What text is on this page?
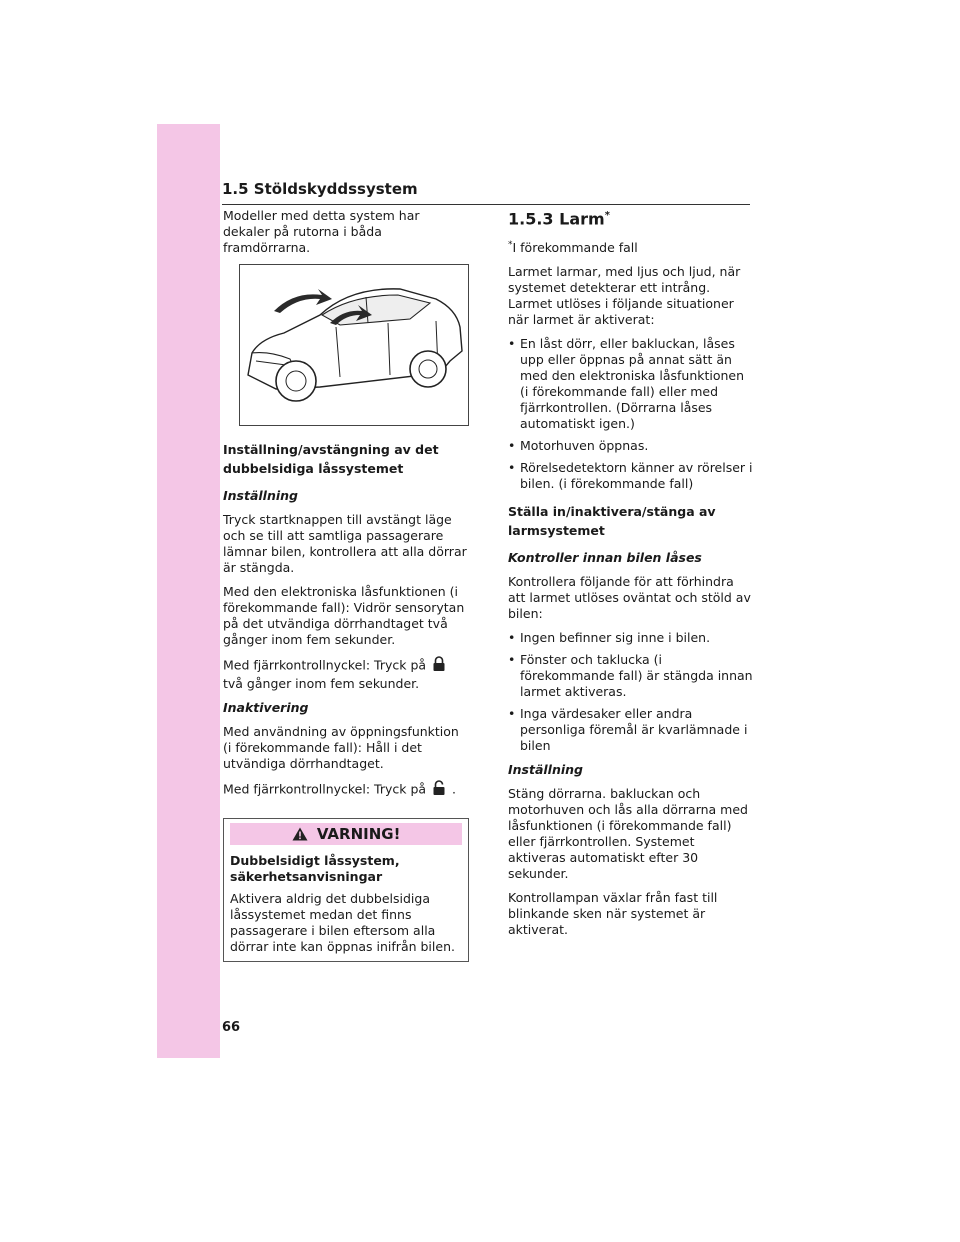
1.5 Stöldskyddssystem

Modeller med detta system har dekaler på rutorna i båda framdörrarna.

Inställning/avstängning av det dubbelsidiga låssystemet
Inställning

Tryck startknappen till avstängt läge och se till att samtliga passagerare lämnar bilen, kontrollera att alla dörrar är stängda.

Med den elektroniska låsfunktionen (i förekommande fall): Vidrör sensorytan på det utvändiga dörrhandtaget två gånger inom fem sekunder.

Med fjärrkontrollnyckel: Tryck på  två gånger inom fem sekunder.

Inaktivering

Med användning av öppningsfunktion (i förekommande fall): Håll i det utvändiga dörrhandtaget.

Med fjärrkontrollnyckel: Tryck på .

VARNING!
Dubbelsidigt låssystem, säkerhetsanvisningar

Aktivera aldrig det dubbelsidiga låssystemet medan det finns passagerare i bilen eftersom alla dörrar inte kan öppnas inifrån bilen.

1.5.3 Larm*

*I förekommande fall

Larmet larmar, med ljus och ljud, när systemet detekterar ett intrång. Larmet utlöses i följande situationer när larmet är aktiverat:

• En låst dörr, eller bakluckan, låses upp eller öppnas på annat sätt än med den elektroniska låsfunktionen (i förekommande fall) eller med fjärrkontrollen. (Dörrarna låses automatiskt igen.)
• Motorhuven öppnas.
• Rörelsedetektorn känner av rörelser i bilen. (i förekommande fall)
Ställa in/inaktivera/stänga av larmsystemet
Kontroller innan bilen låses

Kontrollera följande för att förhindra att larmet utlöses oväntat och stöld av bilen:

• Ingen befinner sig inne i bilen.
• Fönster och taklucka (i förekommande fall) är stängda innan larmet aktiveras.
• Inga värdesaker eller andra personliga föremål är kvarlämnade i bilen
Inställning

Stäng dörrarna. bakluckan och motorhuven och lås alla dörrarna med låsfunktionen (i förekommande fall) eller fjärrkontrollen. Systemet aktiveras automatiskt efter 30 sekunder.

Kontrollampan växlar från fast till blinkande sken när systemet är aktiverat.

66
